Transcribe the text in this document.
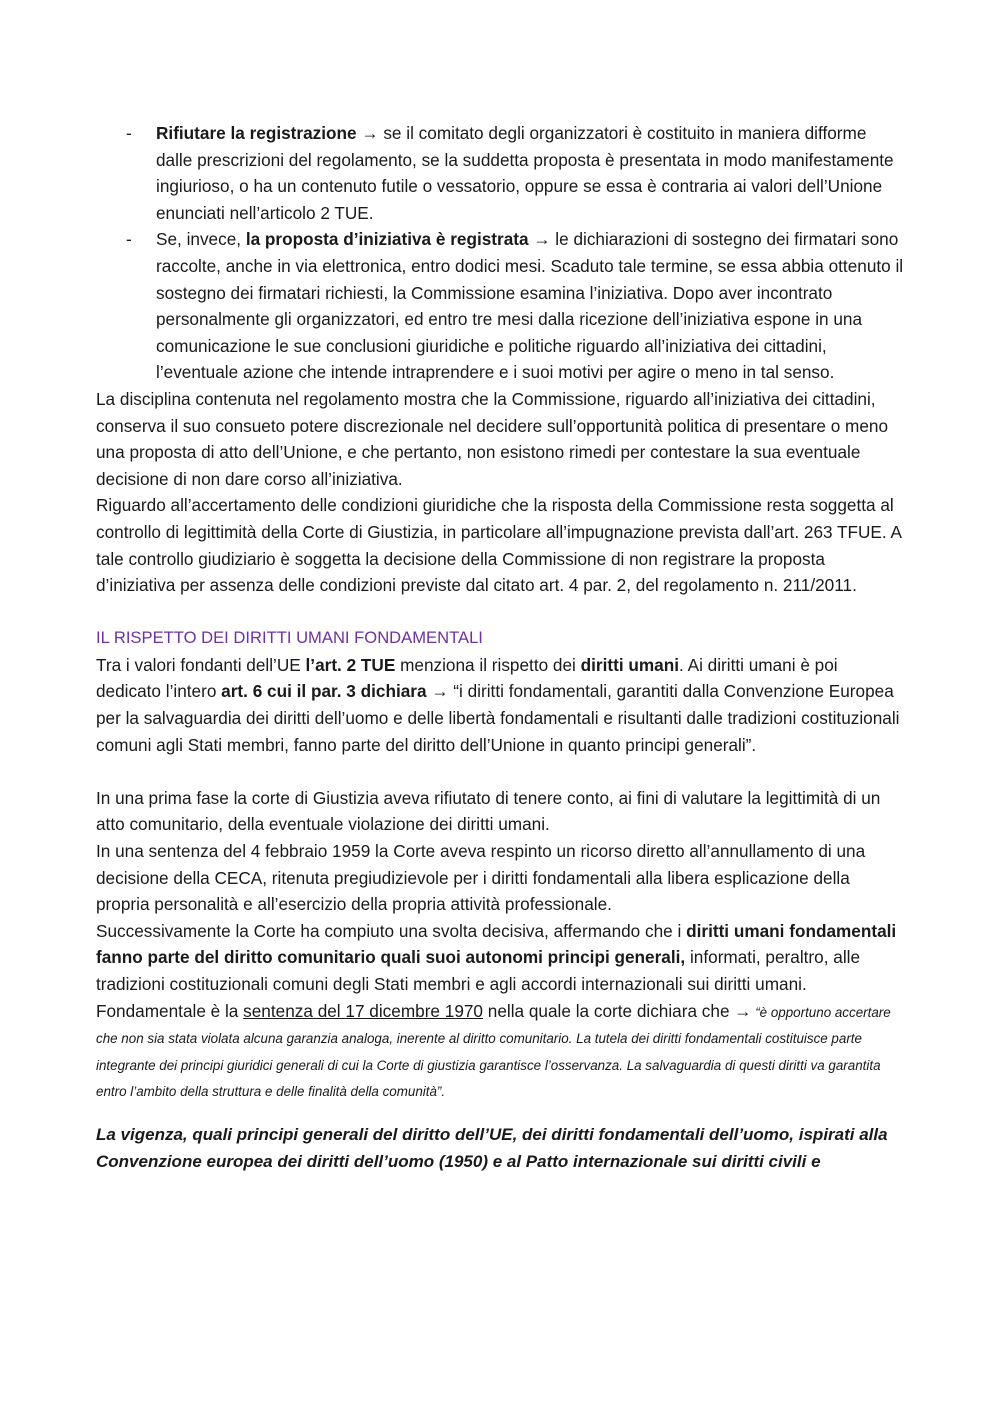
- Rifiutare la registrazione → se il comitato degli organizzatori è costituito in maniera difforme dalle prescrizioni del regolamento, se la suddetta proposta è presentata in modo manifestamente ingiurioso, o ha un contenuto futile o vessatorio, oppure se essa è contraria ai valori dell’Unione enunciati nell’articolo 2 TUE.
- Se, invece, la proposta d’iniziativa è registrata → le dichiarazioni di sostegno dei firmatari sono raccolte, anche in via elettronica, entro dodici mesi. Scaduto tale termine, se essa abbia ottenuto il sostegno dei firmatari richiesti, la Commissione esamina l’iniziativa. Dopo aver incontrato personalmente gli organizzatori, ed entro tre mesi dalla ricezione dell’iniziativa espone in una comunicazione le sue conclusioni giuridiche e politiche riguardo all’iniziativa dei cittadini, l’eventuale azione che intende intraprendere e i suoi motivi per agire o meno in tal senso.

La disciplina contenuta nel regolamento mostra che la Commissione, riguardo all’iniziativa dei cittadini, conserva il suo consueto potere discrezionale nel decidere sull’opportunità politica di presentare o meno una proposta di atto dell’Unione, e che pertanto, non esistono rimedi per contestare la sua eventuale decisione di non dare corso all’iniziativa.

Riguardo all’accertamento delle condizioni giuridiche che la risposta della Commissione resta soggetta al controllo di legittimità della Corte di Giustizia, in particolare all’impugnazione prevista dall’art. 263 TFUE. A tale controllo giudiziario è soggetta la decisione della Commissione di non registrare la proposta d’iniziativa per assenza delle condizioni previste dal citato art. 4 par. 2, del regolamento n. 211/2011.

IL RISPETTO DEI DIRITTI UMANI FONDAMENTALI

Tra i valori fondanti dell’UE l’art. 2 TUE menziona il rispetto dei diritti umani. Ai diritti umani è poi dedicato l’intero art. 6 cui il par. 3 dichiara → “i diritti fondamentali, garantiti dalla Convenzione Europea per la salvaguardia dei diritti dell’uomo e delle libertà fondamentali e risultanti dalle tradizioni costituzionali comuni agli Stati membri, fanno parte del diritto dell’Unione in quanto principi generali”.

In una prima fase la corte di Giustizia aveva rifiutato di tenere conto, ai fini di valutare la legittimità di un atto comunitario, della eventuale violazione dei diritti umani.

In una sentenza del 4 febbraio 1959 la Corte aveva respinto un ricorso diretto all’annullamento di una decisione della CECA, ritenuta pregiudizievole per i diritti fondamentali alla libera esplicazione della propria personalità e all’esercizio della propria attività professionale.

Successivamente la Corte ha compiuto una svolta decisiva, affermando che i diritti umani fondamentali fanno parte del diritto comunitario quali suoi autonomi principi generali, informati, peraltro, alle tradizioni costituzionali comuni degli Stati membri e agli accordi internazionali sui diritti umani.

Fondamentale è la sentenza del 17 dicembre 1970 nella quale la corte dichiara che → “è opportuno accertare che non sia stata violata alcuna garanzia analoga, inerente al diritto comunitario. La tutela dei diritti fondamentali costituisce parte integrante dei principi giuridici generali di cui la Corte di giustizia garantisce l’osservanza. La salvaguardia di questi diritti va garantita entro l’ambito della struttura e delle finalità della comunità”.

La vigenza, quali principi generali del diritto dell’UE, dei diritti fondamentali dell’uomo, ispirati alla Convenzione europea dei diritti dell’uomo (1950) e al Patto internazionale sui diritti civili e
